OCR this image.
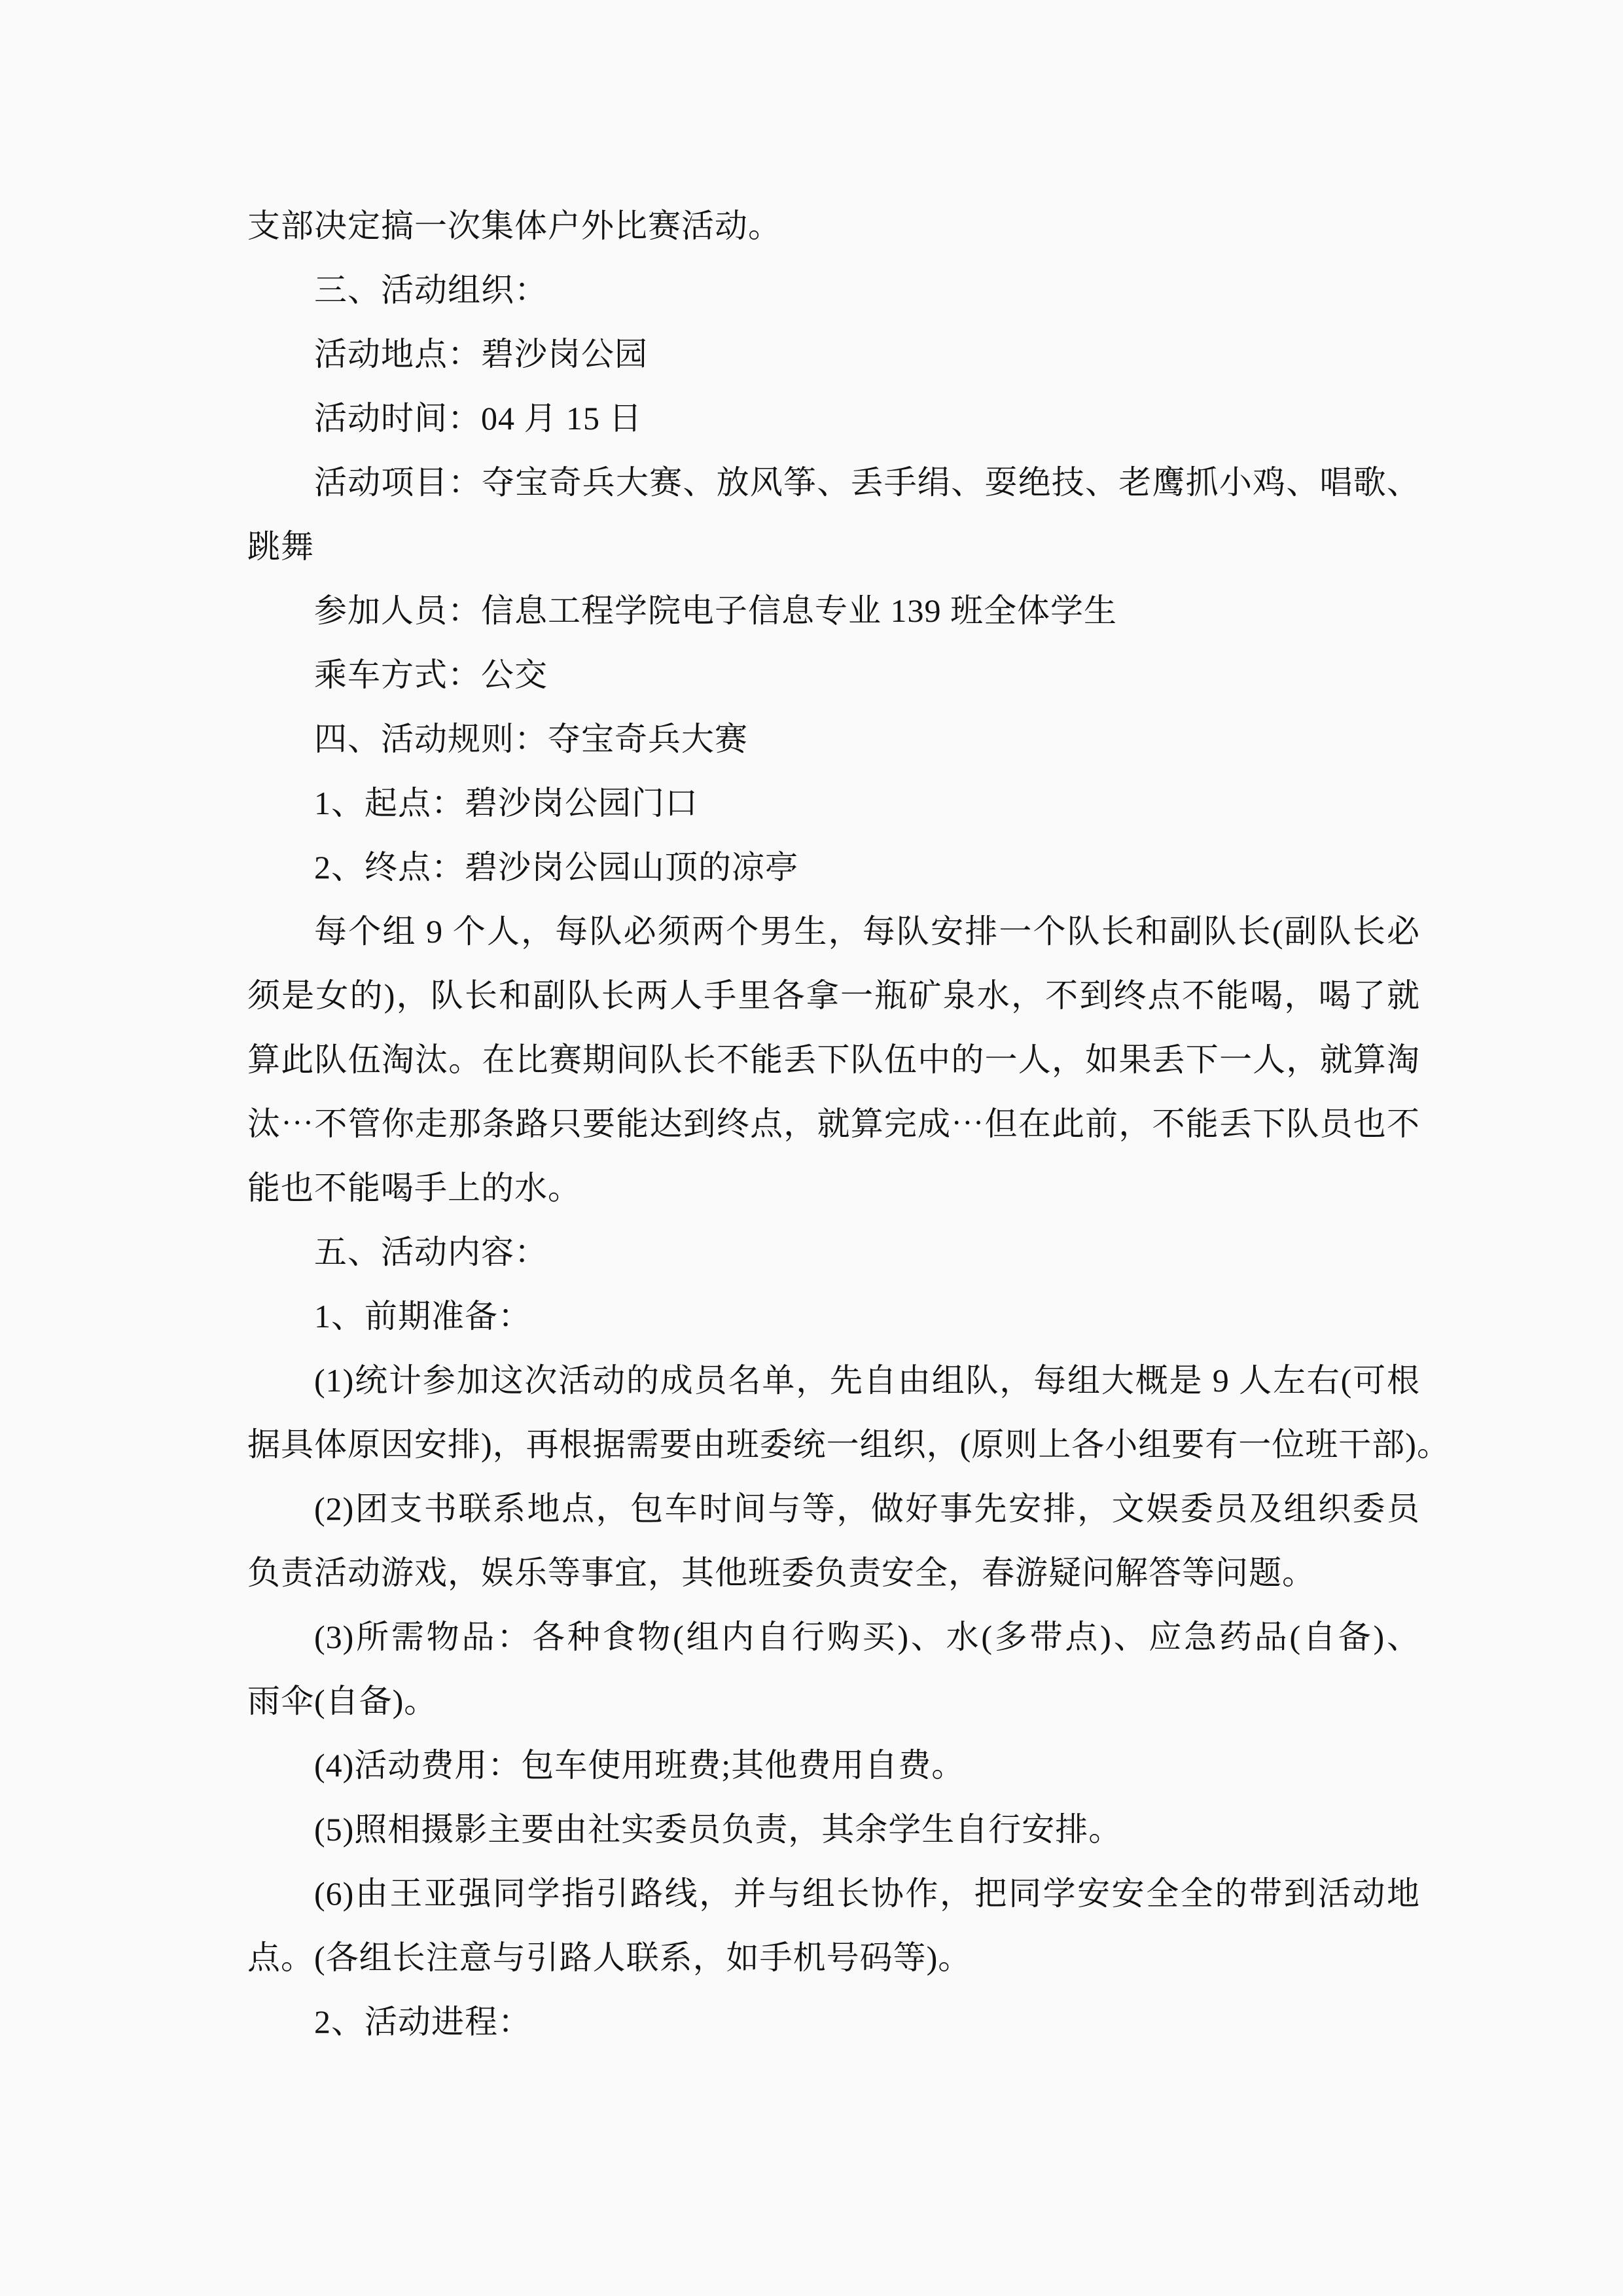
支部决定搞一次集体户外比赛活动。
三、活动组织：
活动地点：碧沙岗公园
活动时间：04 月 15 日
活动项目：夺宝奇兵大赛、放风筝、丢手绢、耍绝技、老鹰抓小鸡、唱歌、
跳舞
参加人员：信息工程学院电子信息专业 139 班全体学生
乘车方式：公交
四、活动规则：夺宝奇兵大赛
1、起点：碧沙岗公园门口
2、终点：碧沙岗公园山顶的凉亭
每个组 9 个人，每队必须两个男生，每队安排一个队长和副队长(副队长必
须是女的)，队长和副队长两人手里各拿一瓶矿泉水，不到终点不能喝，喝了就
算此队伍淘汰。在比赛期间队长不能丢下队伍中的一人，如果丢下一人，就算淘
汰⋯不管你走那条路只要能达到终点，就算完成⋯但在此前，不能丢下队员也不
能也不能喝手上的水。
五、活动内容：
1、前期准备：
(1)统计参加这次活动的成员名单，先自由组队，每组大概是 9 人左右(可根
据具体原因安排)，再根据需要由班委统一组织，(原则上各小组要有一位班干部)。
(2)团支书联系地点，包车时间与等，做好事先安排，文娱委员及组织委员
负责活动游戏，娱乐等事宜，其他班委负责安全，春游疑问解答等问题。
(3)所需物品：各种食物(组内自行购买)、水(多带点)、应急药品(自备)、
雨伞(自备)。
(4)活动费用：包车使用班费;其他费用自费。
(5)照相摄影主要由社实委员负责，其余学生自行安排。
(6)由王亚强同学指引路线，并与组长协作，把同学安安全全的带到活动地
点。(各组长注意与引路人联系，如手机号码等)。
2、活动进程：
